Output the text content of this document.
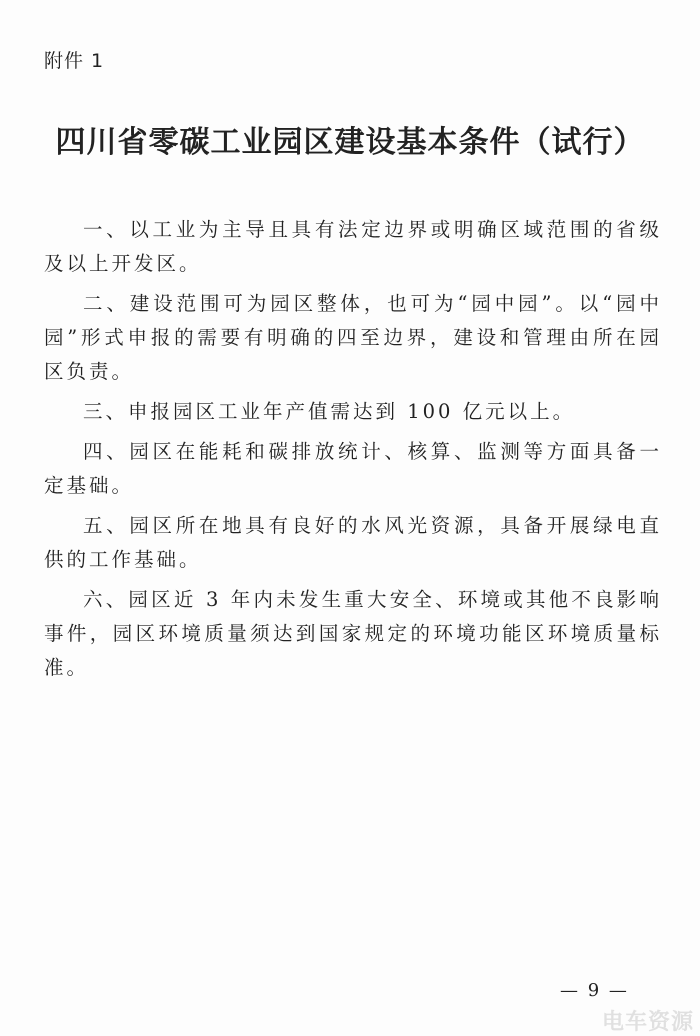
附件 1
四川省零碳工业园区建设基本条件（试行）

一、以工业为主导且具有法定边界或明确区域范围的省级及以上开发区。

二、建设范围可为园区整体，也可为“园中园”。以“园中园”形式申报的需要有明确的四至边界，建设和管理由所在园区负责。

三、申报园区工业年产值需达到 100 亿元以上。

四、园区在能耗和碳排放统计、核算、监测等方面具备一定基础。

五、园区所在地具有良好的水风光资源，具备开展绿电直供的工作基础。

六、园区近 3 年内未发生重大安全、环境或其他不良影响事件，园区环境质量须达到国家规定的环境功能区环境质量标准。

— 9 —
电车资源
